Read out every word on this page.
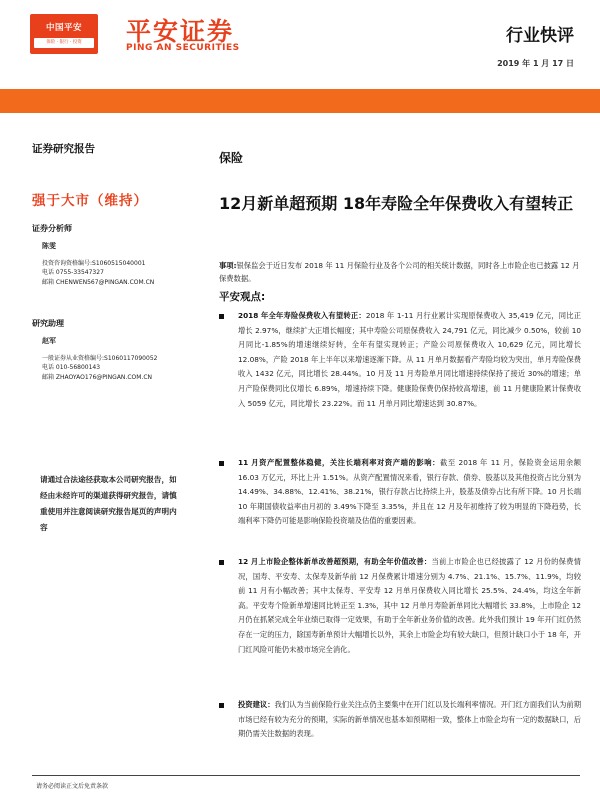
中国平安
保险 · 银行 · 投资	平安证券
PING AN SECURITIES
行业快评
2019 年 1 月 17 日
证券研究报告
强于大市（维持）
证券分析师
陈雯
投资咨询资格编号:S1060515040001
电话 0755-33547327
邮箱 CHENWEN567@PINGAN.COM.CN
研究助理
赵军
一般证券从业资格编号:S1060117090052
电话 010-56800143
邮箱 ZHAOYAO176@PINGAN.COM.CN
请通过合法途径获取本公司研究报告，如经由未经许可的渠道获得研究报告，请慎重使用并注意阅读研究报告尾页的声明内容
保险
12月新单超预期 18年寿险全年保费收入有望转正
事项:银保监会于近日发布 2018 年 11 月保险行业及各个公司的相关统计数据，同时各上市险企也已披露 12 月保费数据。
平安观点:
2018 年全年寿险保费收入有望转正：2018 年 1-11 月行业累计实现原保费收入 35,419 亿元，同比正增长 2.97%，继续扩大正增长幅度；其中寿险公司原保费收入 24,791 亿元，同比减少 0.50%，较前 10 月同比-1.85%的增速继续好转，全年有望实现转正；产险公司原保费收入 10,629 亿元，同比增长 12.08%，产险 2018 年上半年以来增速逐渐下降。从 11 月单月数据看产寿险均较为突出，单月寿险保费收入 1432 亿元，同比增长 28.44%。10 月及 11 月寿险单月同比增速持续保持了接近 30%的增速；单月产险保费同比仅增长 6.89%，增速持续下降。健康险保费仍保持较高增速，前 11 月健康险累计保费收入 5059 亿元，同比增长 23.22%。而 11 月单月同比增速达到 30.87%。
11 月资产配置整体稳健，关注长端利率对资产端的影响：截至 2018 年 11 月，保险资金运用余额 16.03 万亿元，环比上升 1.51%。从资产配置情况来看，银行存款、债券、股基以及其他投资占比分别为 14.49%、34.88%、12.41%、38.21%，银行存款占比持续上升，股基及债券占比有所下降。10 月长端 10 年期国债收益率由月初的 3.49%下降至 3.35%，并且在 12 月及年初维持了较为明显的下降趋势，长端利率下降仍可能是影响保险投资端及估值的重要因素。
12 月上市险企整体新单改善超预期，有助全年价值改善：当前上市险企也已经披露了 12 月份的保费情况，国寿、平安寿、太保寿及新华前 12 月保费累计增速分别为 4.7%、21.1%、15.7%、11.9%，均较前 11 月有小幅改善；其中太保寿、平安寿 12 月单月保费收入同比增长 25.5%、24.4%，均这全年新高。平安寿个险新单增速同比转正至 1.3%，其中 12 月单月寿险新单同比大幅增长 33.8%，上市险企 12 月仍在抓紧完成全年业绩已取得一定效果，有助于全年新业务价值的改善。此外我们预计 19 年开门红仍然存在一定的压力，除国寿新单预计大幅增长以外，其余上市险企均有较大缺口，但预计缺口小于 18 年，开门红风险可能仍未被市场完全消化。
投资建议：我们认为当前保险行业关注点仍主要集中在开门红以及长端利率情况。开门红方面我们认为前期市场已经有较为充分的预期，实际的新单情况也基本如预期相一致，整体上市险企均有一定的数据缺口，后期仍需关注数据的表现。
请务必阅读正文后免责条款
